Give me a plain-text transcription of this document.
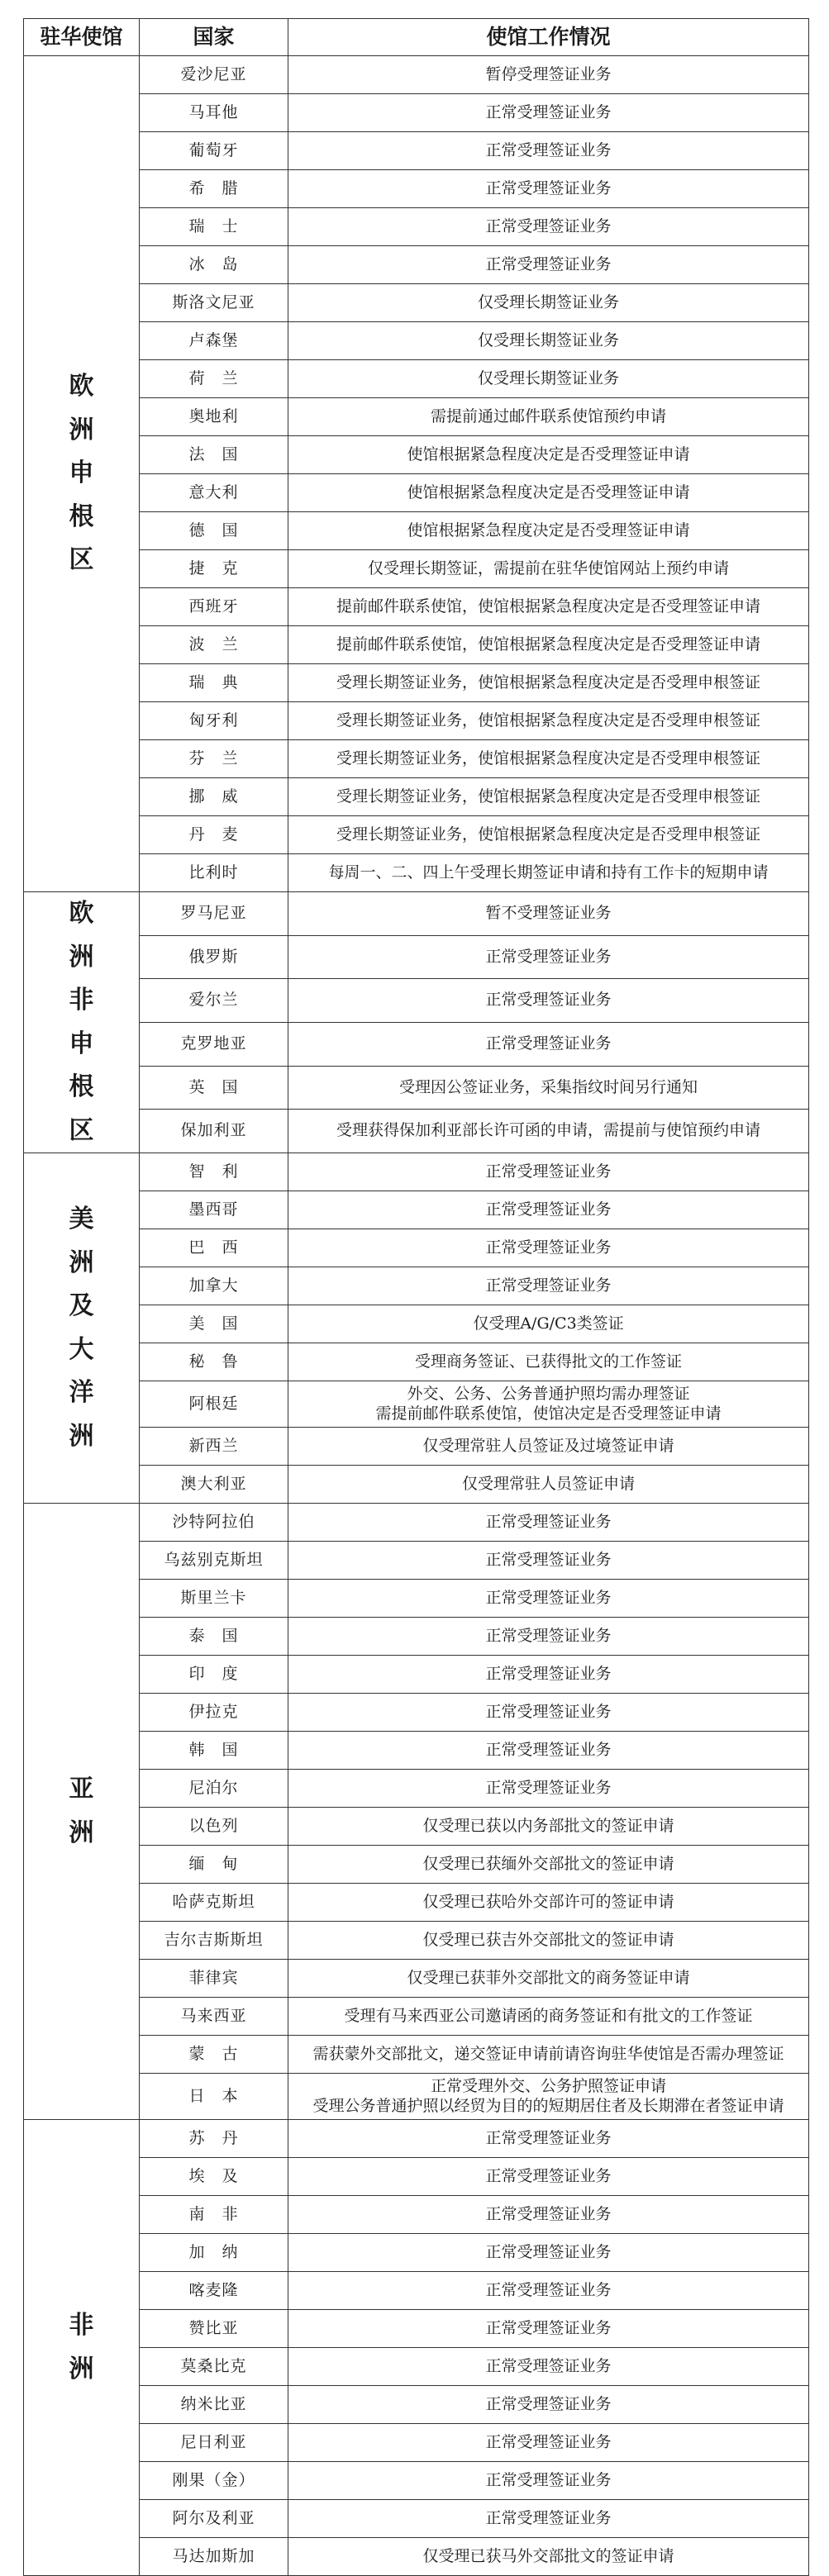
驻华使馆	国家	使馆工作情况
欧洲申根区	爱沙尼亚	暂停受理签证业务

	马耳他	正常受理签证业务

	葡萄牙	正常受理签证业务

	希　腊	正常受理签证业务

	瑞　士	正常受理签证业务

	冰　岛	正常受理签证业务

	斯洛文尼亚	仅受理长期签证业务

	卢森堡	仅受理长期签证业务

	荷　兰	仅受理长期签证业务

	奥地利	需提前通过邮件联系使馆预约申请

	法　国	使馆根据紧急程度决定是否受理签证申请

	意大利	使馆根据紧急程度决定是否受理签证申请

	德　国	使馆根据紧急程度决定是否受理签证申请

	捷　克	仅受理长期签证，需提前在驻华使馆网站上预约申请

	西班牙	提前邮件联系使馆，使馆根据紧急程度决定是否受理签证申请

	波　兰	提前邮件联系使馆，使馆根据紧急程度决定是否受理签证申请

	瑞　典	受理长期签证业务，使馆根据紧急程度决定是否受理申根签证

	匈牙利	受理长期签证业务，使馆根据紧急程度决定是否受理申根签证

	芬　兰	受理长期签证业务，使馆根据紧急程度决定是否受理申根签证

	挪　威	受理长期签证业务，使馆根据紧急程度决定是否受理申根签证

	丹　麦	受理长期签证业务，使馆根据紧急程度决定是否受理申根签证

	比利时	每周一、二、四上午受理长期签证申请和持有工作卡的短期申请

欧洲非申根区	罗马尼亚	暂不受理签证业务

	俄罗斯	正常受理签证业务

	爱尔兰	正常受理签证业务

	克罗地亚	正常受理签证业务

	英　国	受理因公签证业务，采集指纹时间另行通知

	保加利亚	受理获得保加利亚部长许可函的申请，需提前与使馆预约申请

美洲及大洋洲	智　利	正常受理签证业务

	墨西哥	正常受理签证业务

	巴　西	正常受理签证业务

	加拿大	正常受理签证业务

	美　国	仅受理A/G/C3类签证

	秘　鲁	受理商务签证、已获得批文的工作签证

	阿根廷	外交、公务、公务普通护照均需办理签证
需提前邮件联系使馆，使馆决定是否受理签证申请

	新西兰	仅受理常驻人员签证及过境签证申请

	澳大利亚	仅受理常驻人员签证申请

亚洲	沙特阿拉伯	正常受理签证业务

	乌兹别克斯坦	正常受理签证业务

	斯里兰卡	正常受理签证业务

	泰　国	正常受理签证业务

	印　度	正常受理签证业务

	伊拉克	正常受理签证业务

	韩　国	正常受理签证业务

	尼泊尔	正常受理签证业务

	以色列	仅受理已获以内务部批文的签证申请

	缅　甸	仅受理已获缅外交部批文的签证申请

	哈萨克斯坦	仅受理已获哈外交部许可的签证申请

	吉尔吉斯斯坦	仅受理已获吉外交部批文的签证申请

	菲律宾	仅受理已获菲外交部批文的商务签证申请

	马来西亚	受理有马来西亚公司邀请函的商务签证和有批文的工作签证

	蒙　古	需获蒙外交部批文，递交签证申请前请咨询驻华使馆是否需办理签证

	日　本	正常受理外交、公务护照签证申请
受理公务普通护照以经贸为目的的短期居住者及长期滞在者签证申请

非洲	苏　丹	正常受理签证业务

	埃　及	正常受理签证业务

	南　非	正常受理签证业务

	加　纳	正常受理签证业务

	喀麦隆	正常受理签证业务

	赞比亚	正常受理签证业务

	莫桑比克	正常受理签证业务

	纳米比亚	正常受理签证业务

	尼日利亚	正常受理签证业务

	刚果（金）	正常受理签证业务

	阿尔及利亚	正常受理签证业务

	马达加斯加	仅受理已获马外交部批文的签证申请
